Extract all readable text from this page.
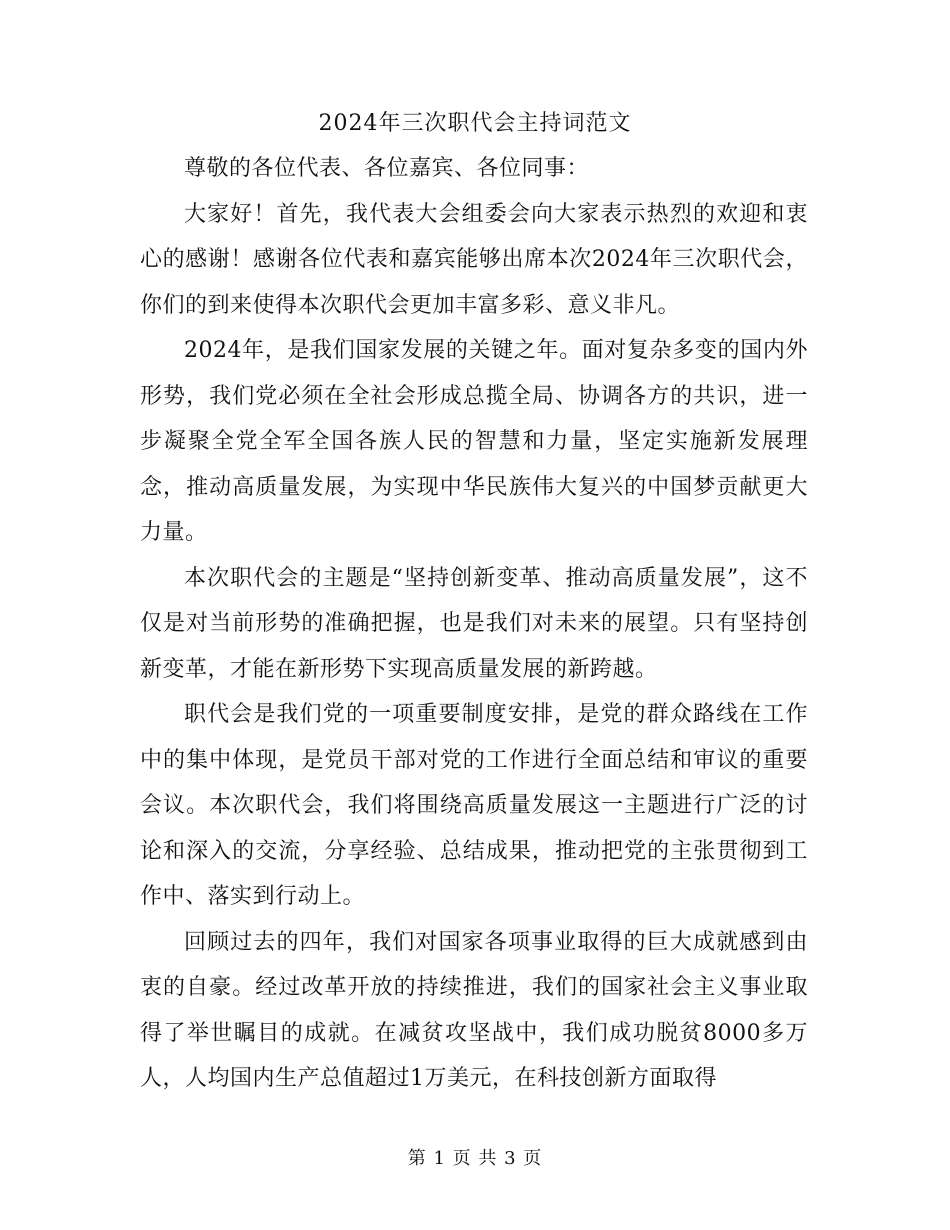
2024年三次职代会主持词范文

尊敬的各位代表、各位嘉宾、各位同事：

大家好！首先，我代表大会组委会向大家表示热烈的欢迎和衷心的感谢！感谢各位代表和嘉宾能够出席本次2024年三次职代会，你们的到来使得本次职代会更加丰富多彩、意义非凡。

2024年，是我们国家发展的关键之年。面对复杂多变的国内外形势，我们党必须在全社会形成总揽全局、协调各方的共识，进一步凝聚全党全军全国各族人民的智慧和力量，坚定实施新发展理念，推动高质量发展，为实现中华民族伟大复兴的中国梦贡献更大力量。

本次职代会的主题是“坚持创新变革、推动高质量发展”，这不仅是对当前形势的准确把握，也是我们对未来的展望。只有坚持创新变革，才能在新形势下实现高质量发展的新跨越。

职代会是我们党的一项重要制度安排，是党的群众路线在工作中的集中体现，是党员干部对党的工作进行全面总结和审议的重要会议。本次职代会，我们将围绕高质量发展这一主题进行广泛的讨论和深入的交流，分享经验、总结成果，推动把党的主张贯彻到工作中、落实到行动上。

回顾过去的四年，我们对国家各项事业取得的巨大成就感到由衷的自豪。经过改革开放的持续推进，我们的国家社会主义事业取得了举世瞩目的成就。在减贫攻坚战中，我们成功脱贫8000多万人，人均国内生产总值超过1万美元，在科技创新方面取得

第 1 页 共 3 页
